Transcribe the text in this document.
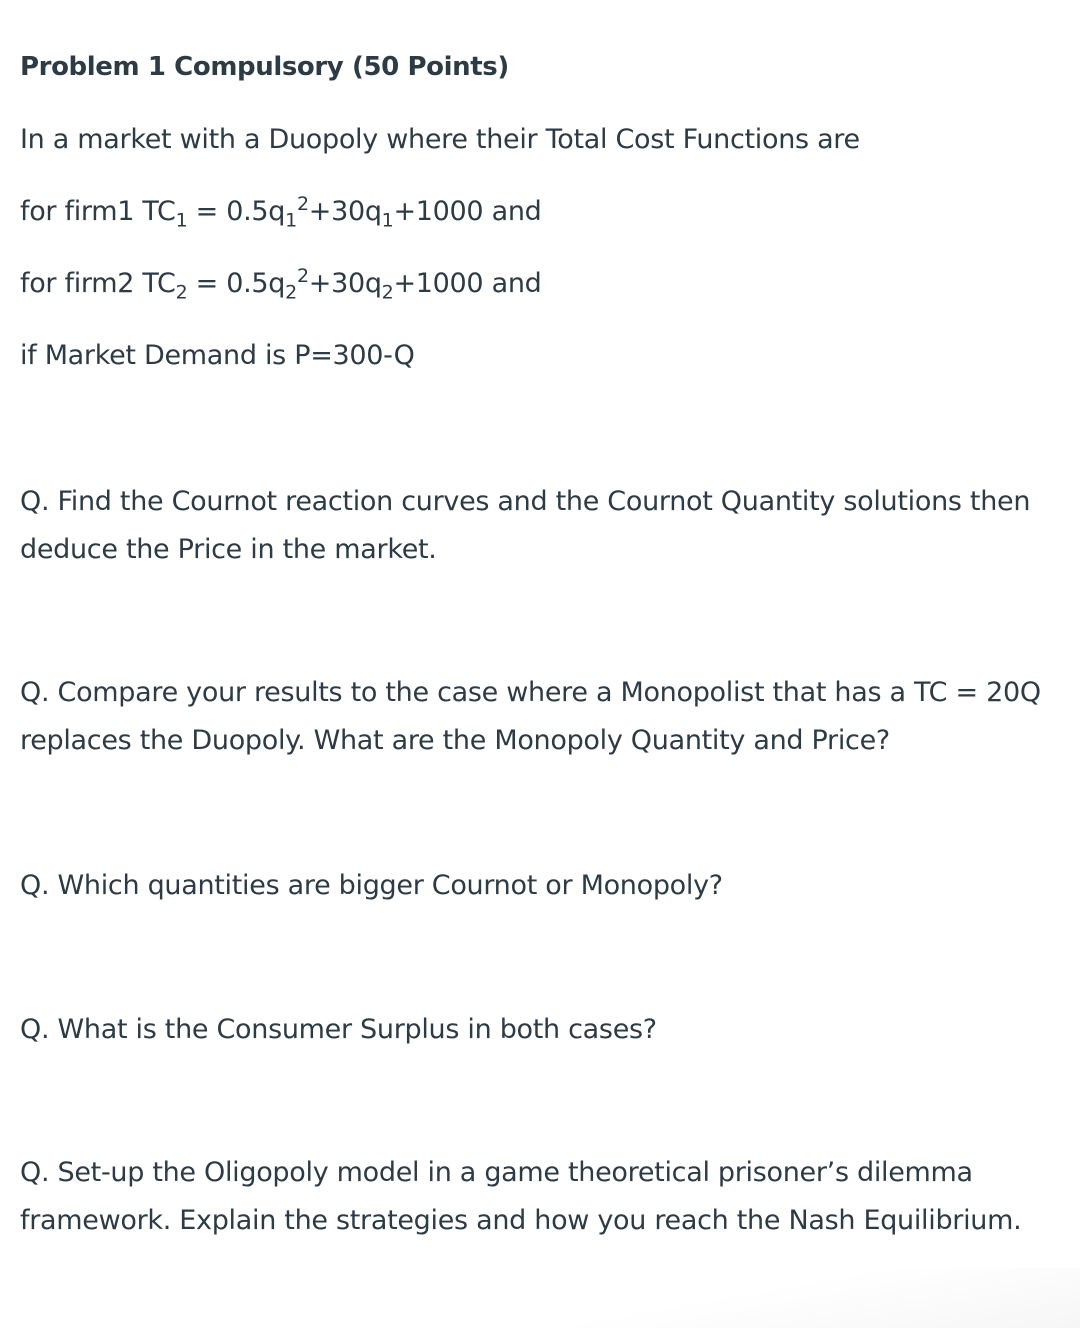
Problem 1 Compulsory (50 Points)
In a market with a Duopoly where their Total Cost Functions are
for firm1 $TC_1 = 0.5q_1^2+30q_1+1000$ and
for firm2 $TC_2 = 0.5q_2^2+30q_2+1000$ and
if Market Demand is P=300-Q
Q. Find the Cournot reaction curves and the Cournot Quantity solutions then deduce the Price in the market.
Q. Compare your results to the case where a Monopolist that has a TC = 20Q replaces the Duopoly. What are the Monopoly Quantity and Price?
Q. Which quantities are bigger Cournot or Monopoly?
Q. What is the Consumer Surplus in both cases?
Q. Set-up the Oligopoly model in a game theoretical prisoner’s dilemma framework. Explain the strategies and how you reach the Nash Equilibrium.
